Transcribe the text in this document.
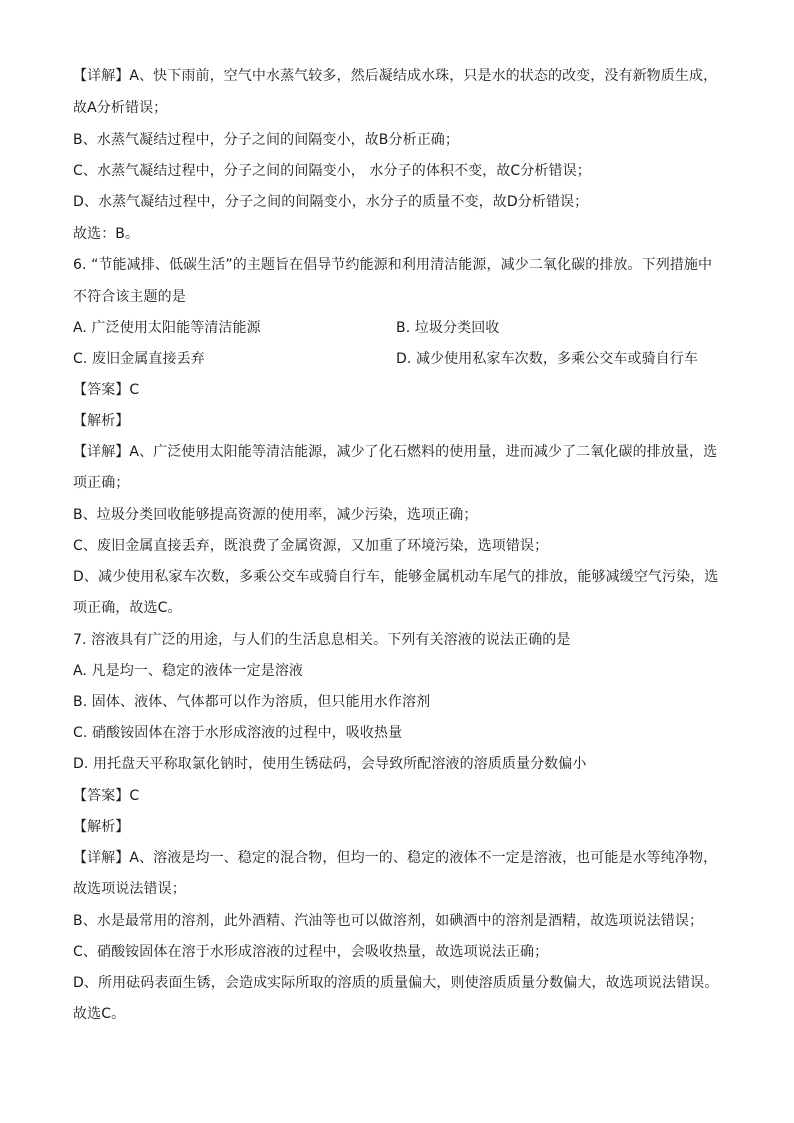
【详解】A、快下雨前，空气中水蒸气较多，然后凝结成水珠，只是水的状态的改变，没有新物质生成，
故A分析错误；
B、水蒸气凝结过程中，分子之间的间隔变小，故B分析正确；
C、水蒸气凝结过程中，分子之间的间隔变小， 水分子的体积不变，故C分析错误；
D、水蒸气凝结过程中，分子之间的间隔变小，水分子的质量不变，故D分析错误；
故选：B。
6. “节能减排、低碳生活”的主题旨在倡导节约能源和利用清洁能源，减少二氧化碳的排放。下列措施中
不符合该主题的是
A. 广泛使用太阳能等清洁能源	B. 垃圾分类回收
C. 废旧金属直接丢弃	D. 减少使用私家车次数，多乘公交车或骑自行车
【答案】C
【解析】
【详解】A、广泛使用太阳能等清洁能源，减少了化石燃料的使用量，进而减少了二氧化碳的排放量，选
项正确；
B、垃圾分类回收能够提高资源的使用率，减少污染，选项正确；
C、废旧金属直接丢弃，既浪费了金属资源，又加重了环境污染，选项错误；
D、减少使用私家车次数，多乘公交车或骑自行车，能够金属机动车尾气的排放，能够减缓空气污染，选
项正确，故选C。
7. 溶液具有广泛的用途，与人们的生活息息相关。下列有关溶液的说法正确的是
A. 凡是均一、稳定的液体一定是溶液
B. 固体、液体、气体都可以作为溶质，但只能用水作溶剂
C. 硝酸铵固体在溶于水形成溶液的过程中，吸收热量
D. 用托盘天平称取氯化钠时，使用生锈砝码，会导致所配溶液的溶质质量分数偏小
【答案】C
【解析】
【详解】A、溶液是均一、稳定的混合物，但均一的、稳定的液体不一定是溶液，也可能是水等纯净物，
故选项说法错误；
B、水是最常用的溶剂，此外酒精、汽油等也可以做溶剂，如碘酒中的溶剂是酒精，故选项说法错误；
C、硝酸铵固体在溶于水形成溶液的过程中，会吸收热量，故选项说法正确；
D、所用砝码表面生锈，会造成实际所取的溶质的质量偏大，则使溶质质量分数偏大，故选项说法错误。
故选C。
